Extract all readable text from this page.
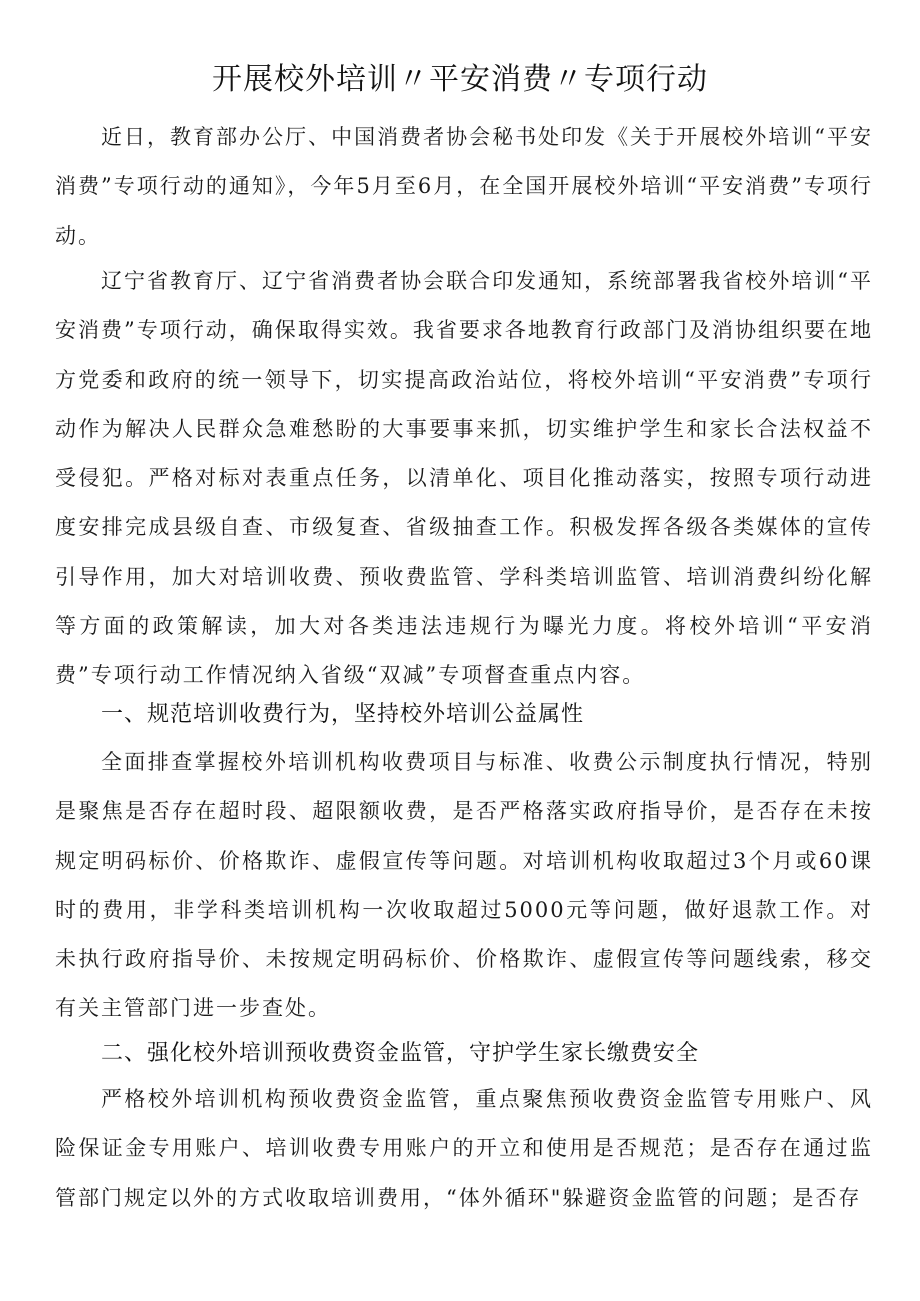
开展校外培训〃平安消费〃专项行动

近日，教育部办公厅、中国消费者协会秘书处印发《关于开展校外培训“平安消费”专项行动的通知》，今年5月至6月，在全国开展校外培训“平安消费”专项行动。

辽宁省教育厅、辽宁省消费者协会联合印发通知，系统部署我省校外培训“平安消费”专项行动，确保取得实效。我省要求各地教育行政部门及消协组织要在地方党委和政府的统一领导下，切实提高政治站位，将校外培训“平安消费”专项行动作为解决人民群众急难愁盼的大事要事来抓，切实维护学生和家长合法权益不受侵犯。严格对标对表重点任务，以清单化、项目化推动落实，按照专项行动进度安排完成县级自查、市级复查、省级抽查工作。积极发挥各级各类媒体的宣传引导作用，加大对培训收费、预收费监管、学科类培训监管、培训消费纠纷化解等方面的政策解读，加大对各类违法违规行为曝光力度。将校外培训“平安消费”专项行动工作情况纳入省级“双减”专项督查重点内容。

一、规范培训收费行为，坚持校外培训公益属性

全面排查掌握校外培训机构收费项目与标准、收费公示制度执行情况，特别是聚焦是否存在超时段、超限额收费，是否严格落实政府指导价，是否存在未按规定明码标价、价格欺诈、虚假宣传等问题。对培训机构收取超过3个月或60课时的费用，非学科类培训机构一次收取超过5000元等问题，做好退款工作。对未执行政府指导价、未按规定明码标价、价格欺诈、虚假宣传等问题线索，移交有关主管部门进一步查处。

二、强化校外培训预收费资金监管，守护学生家长缴费安全

严格校外培训机构预收费资金监管，重点聚焦预收费资金监管专用账户、风险保证金专用账户、培训收费专用账户的开立和使用是否规范；是否存在通过监管部门规定以外的方式收取培训费用，“体外循环"躲避资金监管的问题；是否存
